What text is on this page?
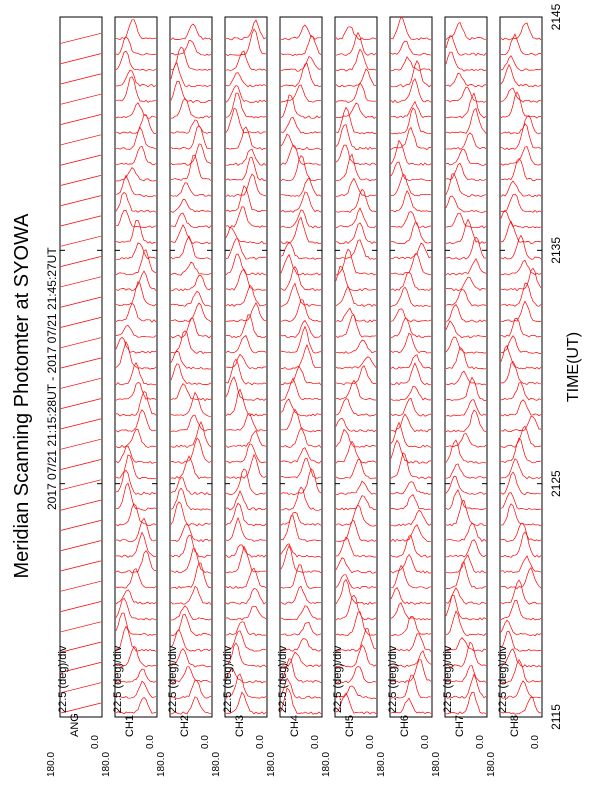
Meridian Scanning Photomter at SYOWA 2017 07/21 21:15:28UT - 2017 07/21 21:45:27UT	TIME(UT)
2115
2125
2135
2145
180.0
0.0
ANG
22.5 (deg)/div
180.0
0.0
CH1
22.5 (deg)/div
180.0
0.0
CH2
22.5 (deg)/div
180.0
0.0
CH3
22.5 (deg)/div
180.0
0.0
CH4
22.5 (deg)/div
180.0
0.0
CH5
22.5 (deg)/div
180.0
0.0
CH6
22.5 (deg)/div
180.0
0.0
CH7
22.5 (deg)/div
180.0
0.0
CH8
22.5 (deg)/div
